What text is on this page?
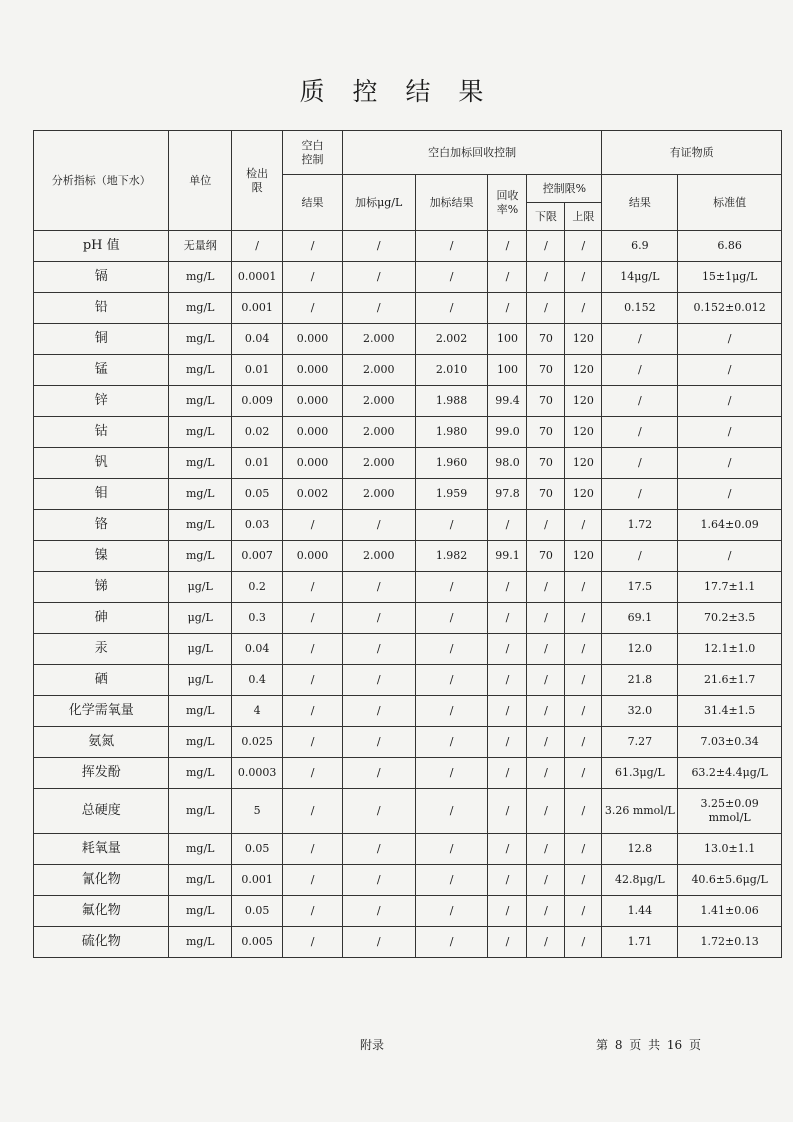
质 控 结 果
分析指标（地下水）	单位	检出限	空白控制	空白加标回收控制					有证物质	
			结果	加标μg/L	加标结果	回收率%	控制限%		结果	标准值
							下限	上限		
pH 值	无量纲	/	/	/	/	/	/	/	6.9	6.86
镉	mg/L	0.0001	/	/	/	/	/	/	14μg/L	15±1μg/L
铅	mg/L	0.001	/	/	/	/	/	/	0.152	0.152±0.012
铜	mg/L	0.04	0.000	2.000	2.002	100	70	120	/	/
锰	mg/L	0.01	0.000	2.000	2.010	100	70	120	/	/
锌	mg/L	0.009	0.000	2.000	1.988	99.4	70	120	/	/
钴	mg/L	0.02	0.000	2.000	1.980	99.0	70	120	/	/
钒	mg/L	0.01	0.000	2.000	1.960	98.0	70	120	/	/
钼	mg/L	0.05	0.002	2.000	1.959	97.8	70	120	/	/
铬	mg/L	0.03	/	/	/	/	/	/	1.72	1.64±0.09
镍	mg/L	0.007	0.000	2.000	1.982	99.1	70	120	/	/
锑	μg/L	0.2	/	/	/	/	/	/	17.5	17.7±1.1
砷	μg/L	0.3	/	/	/	/	/	/	69.1	70.2±3.5
汞	μg/L	0.04	/	/	/	/	/	/	12.0	12.1±1.0
硒	μg/L	0.4	/	/	/	/	/	/	21.8	21.6±1.7
化学需氧量	mg/L	4	/	/	/	/	/	/	32.0	31.4±1.5
氨氮	mg/L	0.025	/	/	/	/	/	/	7.27	7.03±0.34
挥发酚	mg/L	0.0003	/	/	/	/	/	/	61.3μg/L	63.2±4.4μg/L
总硬度	mg/L	5	/	/	/	/	/	/	3.26 mmol/L	3.25±0.09 mmol/L
耗氧量	mg/L	0.05	/	/	/	/	/	/	12.8	13.0±1.1
氰化物	mg/L	0.001	/	/	/	/	/	/	42.8μg/L	40.6±5.6μg/L
氟化物	mg/L	0.05	/	/	/	/	/	/	1.44	1.41±0.06
硫化物	mg/L	0.005	/	/	/	/	/	/	1.71	1.72±0.13
附录	第 8 页 共 16 页
